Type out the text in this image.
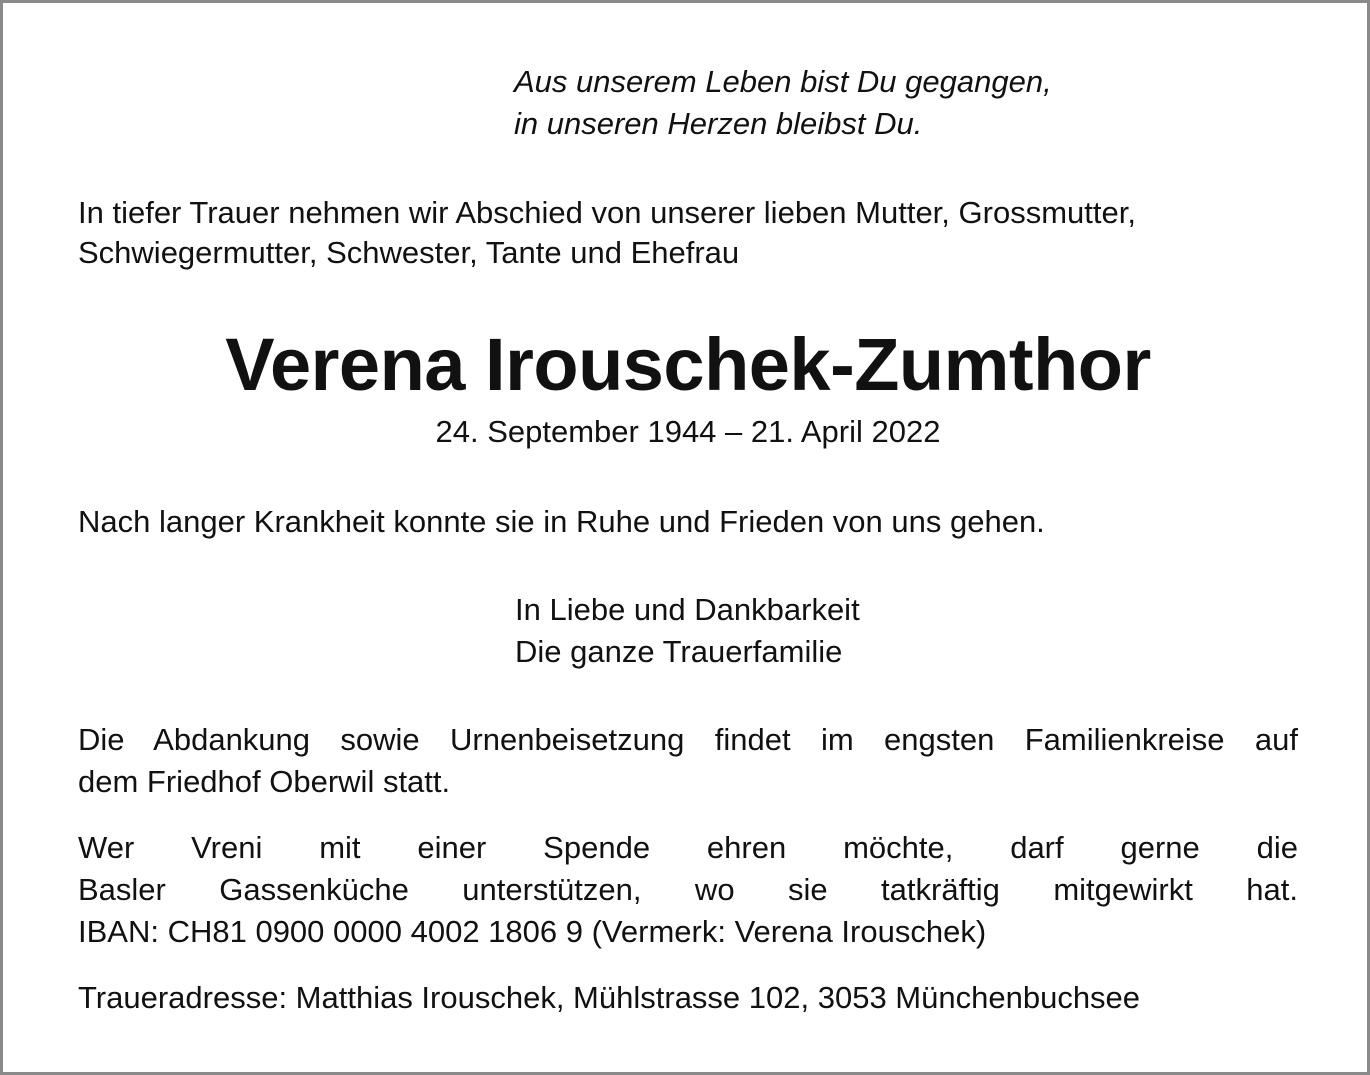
Aus unserem Leben bist Du gegangen,
in unseren Herzen bleibst Du.
In tiefer Trauer nehmen wir Abschied von unserer lieben Mutter, Grossmutter,
Schwiegermutter, Schwester, Tante und Ehefrau
Verena Irouschek-Zumthor
24. September 1944 – 21. April 2022
Nach langer Krankheit konnte sie in Ruhe und Frieden von uns gehen.
In Liebe und Dankbarkeit
Die ganze Trauerfamilie
Die Abdankung sowie Urnenbeisetzung findet im engsten Familienkreise auf
dem Friedhof Oberwil statt.
Wer Vreni mit einer Spende ehren möchte, darf gerne die
Basler Gassenküche unterstützen, wo sie tatkräftig mitgewirkt hat.
IBAN: CH81 0900 0000 4002 1806 9 (Vermerk: Verena Irouschek)
Traueradresse: Matthias Irouschek, Mühlstrasse 102, 3053 Münchenbuchsee
